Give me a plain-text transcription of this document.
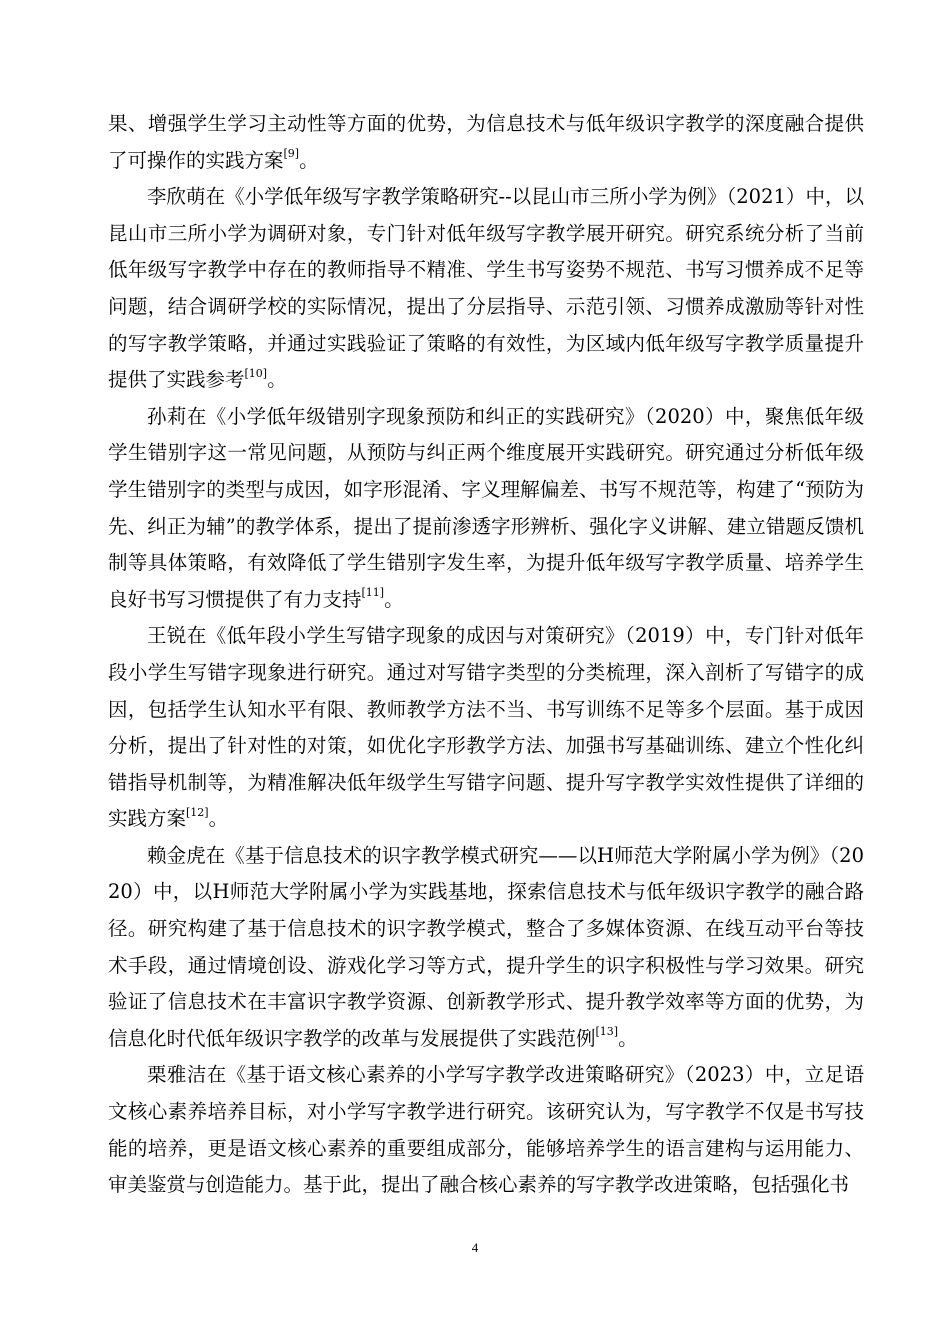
果、增强学生学习主动性等方面的优势，为信息技术与低年级识字教学的深度融合提供了可操作的实践方案[9]。

李欣萌在《小学低年级写字教学策略研究--以昆山市三所小学为例》（2021）中，以昆山市三所小学为调研对象，专门针对低年级写字教学展开研究。研究系统分析了当前低年级写字教学中存在的教师指导不精准、学生书写姿势不规范、书写习惯养成不足等问题，结合调研学校的实际情况，提出了分层指导、示范引领、习惯养成激励等针对性的写字教学策略，并通过实践验证了策略的有效性，为区域内低年级写字教学质量提升提供了实践参考[10]。

孙莉在《小学低年级错别字现象预防和纠正的实践研究》（2020）中，聚焦低年级学生错别字这一常见问题，从预防与纠正两个维度展开实践研究。研究通过分析低年级学生错别字的类型与成因，如字形混淆、字义理解偏差、书写不规范等，构建了“预防为先、纠正为辅”的教学体系，提出了提前渗透字形辨析、强化字义讲解、建立错题反馈机制等具体策略，有效降低了学生错别字发生率，为提升低年级写字教学质量、培养学生良好书写习惯提供了有力支持[11]。

王锐在《低年段小学生写错字现象的成因与对策研究》（2019）中，专门针对低年段小学生写错字现象进行研究。通过对写错字类型的分类梳理，深入剖析了写错字的成因，包括学生认知水平有限、教师教学方法不当、书写训练不足等多个层面。基于成因分析，提出了针对性的对策，如优化字形教学方法、加强书写基础训练、建立个性化纠错指导机制等，为精准解决低年级学生写错字问题、提升写字教学实效性提供了详细的实践方案[12]。

赖金虎在《基于信息技术的识字教学模式研究——以H师范大学附属小学为例》（2020）中，以H师范大学附属小学为实践基地，探索信息技术与低年级识字教学的融合路径。研究构建了基于信息技术的识字教学模式，整合了多媒体资源、在线互动平台等技术手段，通过情境创设、游戏化学习等方式，提升学生的识字积极性与学习效果。研究验证了信息技术在丰富识字教学资源、创新教学形式、提升教学效率等方面的优势，为信息化时代低年级识字教学的改革与发展提供了实践范例[13]。

栗雅洁在《基于语文核心素养的小学写字教学改进策略研究》（2023）中，立足语文核心素养培养目标，对小学写字教学进行研究。该研究认为，写字教学不仅是书写技能的培养，更是语文核心素养的重要组成部分，能够培养学生的语言建构与运用能力、审美鉴赏与创造能力。基于此，提出了融合核心素养的写字教学改进策略，包括强化书

4
